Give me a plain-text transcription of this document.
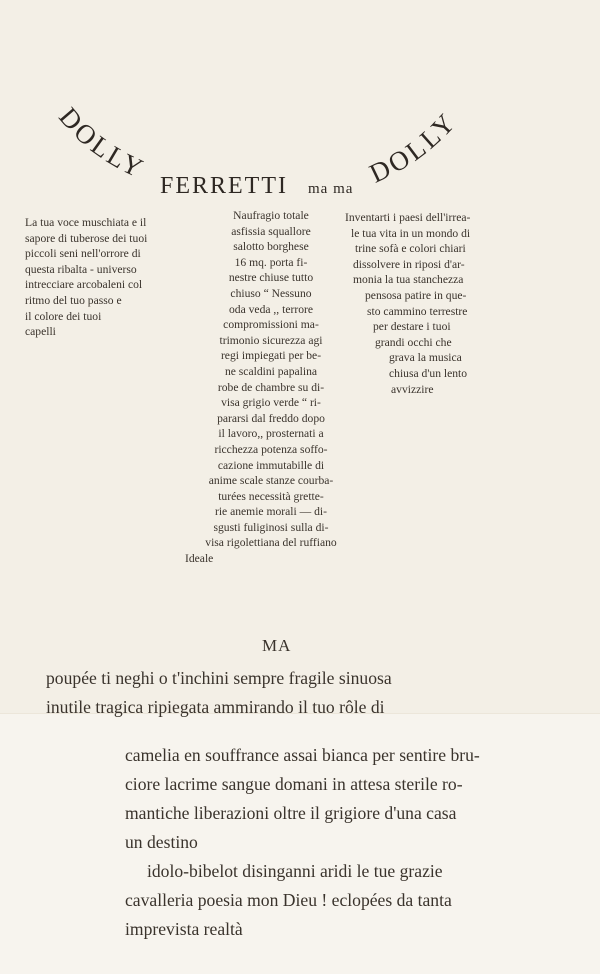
DOLLY
FERRETTI ma ma
DOLLY
La tua voce muschiata e il
sapore di tuberose dei tuoi
piccoli seni nell'orrore di
questa ribalta - universo
intrecciare arcobaleni col
ritmo del tuo passo e
il colore dei tuoi
capelli
Naufragio totale
asfissia squallore
salotto borghese
16 mq. porta fi-
nestre chiuse tutto
chiuso “ Nessuno
oda veda ,, terrore
compromissioni ma-
trimonio sicurezza agi
regi impiegati per be-
ne scaldini papalina
robe de chambre su di-
visa grigio verde “ ri-
pararsi dal freddo dopo
il lavoro,, prosternati a
ricchezza potenza soffo-
cazione immutabille di
anime scale stanze courba-
turées necessità grette-
rie anemie morali — di-
sgusti fuliginosi sulla di-
visa rigolettiana del ruffiano
Ideale
Inventarti i paesi dell'irrea-
le tua vita in un mondo di
trine sofà e colori chiari
dissolvere in riposi d'ar-
monia la tua stanchezza
pensosa patire in que-
sto cammino terrestre
per destare i tuoi
grandi occhi che
grava la musica
chiusa d'un lento
avvizzire
MA
poupée ti neghi o t'inchini sempre fragile sinuosa
inutile tragica ripiegata ammirando il tuo rôle di
camelia en souffrance assai bianca per sentire bru-
ciore lacrime sangue domani in attesa sterile ro-
mantiche liberazioni oltre il grigiore d'una casa
un destino
idolo-bibelot disinganni aridi le tue grazie
cavalleria poesia mon Dieu ! eclopées da tanta
imprevista realtà
